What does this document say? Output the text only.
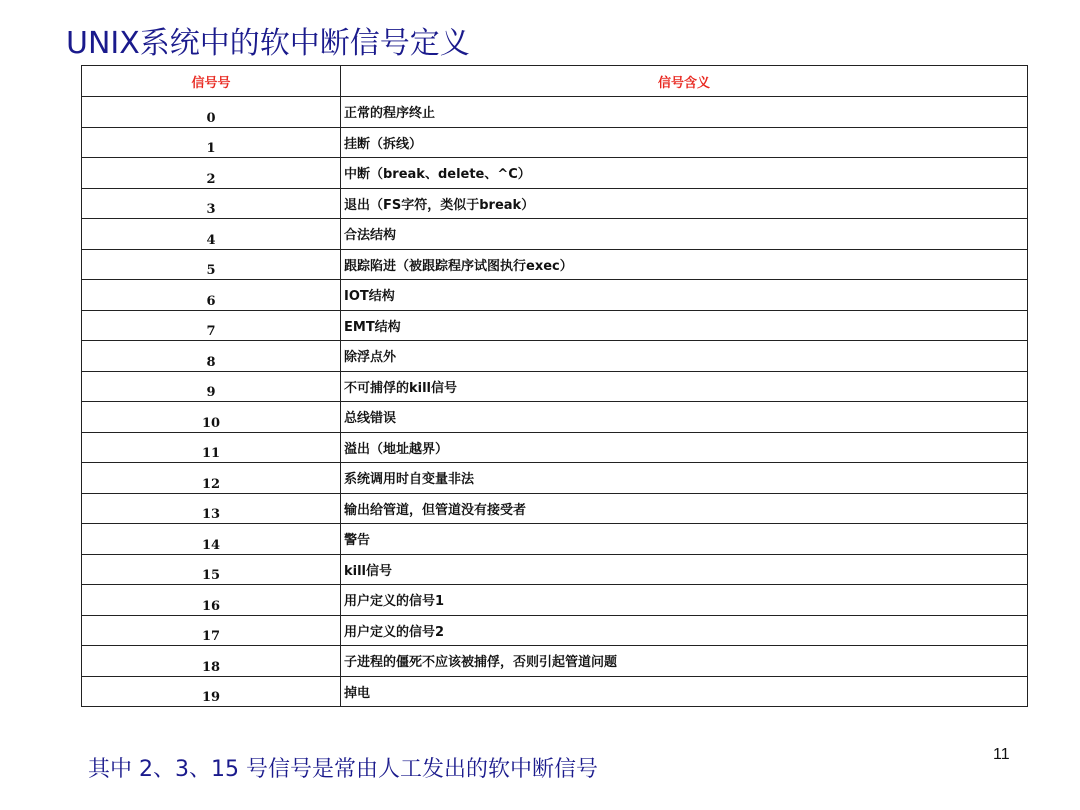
UNIX系统中的软中断信号定义
信号号	信号含义
0	正常的程序终止
1	挂断（拆线）
2	中断（break、delete、^C）
3	退出（FS字符，类似于break）
4	合法结构
5	跟踪陷进（被跟踪程序试图执行exec）
6	IOT结构
7	EMT结构
8	除浮点外
9	不可捕俘的kill信号
10	总线错误
11	溢出（地址越界）
12	系统调用时自变量非法
13	输出给管道，但管道没有接受者
14	警告
15	kill信号
16	用户定义的信号1
17	用户定义的信号2
18	子进程的僵死不应该被捕俘，否则引起管道问题
19	掉电

其中 2、3、15 号信号是常由人工发出的软中断信号

11
